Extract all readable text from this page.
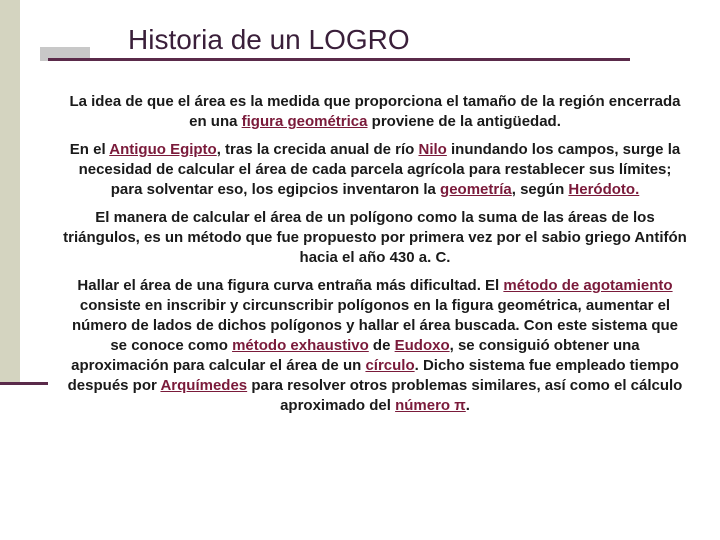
Historia de un LOGRO

La idea de que el área es la medida que proporciona el tamaño de la región encerrada en una figura geométrica proviene de la antigüedad.

En el Antiguo Egipto, tras la crecida anual de río Nilo inundando los campos, surge la necesidad de calcular el área de cada parcela agrícola para restablecer sus límites; para solventar eso, los egipcios inventaron la geometría, según Heródoto.

El manera de calcular el área de un polígono como la suma de las áreas de los triángulos, es un método que fue propuesto por primera vez por el sabio griego Antifón hacia el año 430 a. C.

Hallar el área de una figura curva entraña más dificultad. El método de agotamiento consiste en inscribir y circunscribir polígonos en la figura geométrica, aumentar el número de lados de dichos polígonos y hallar el área buscada. Con este sistema que se conoce como método exhaustivo de Eudoxo, se consiguió obtener una aproximación para calcular el área de un círculo. Dicho sistema fue empleado tiempo después por Arquímedes para resolver otros problemas similares, así como el cálculo aproximado del número π.
